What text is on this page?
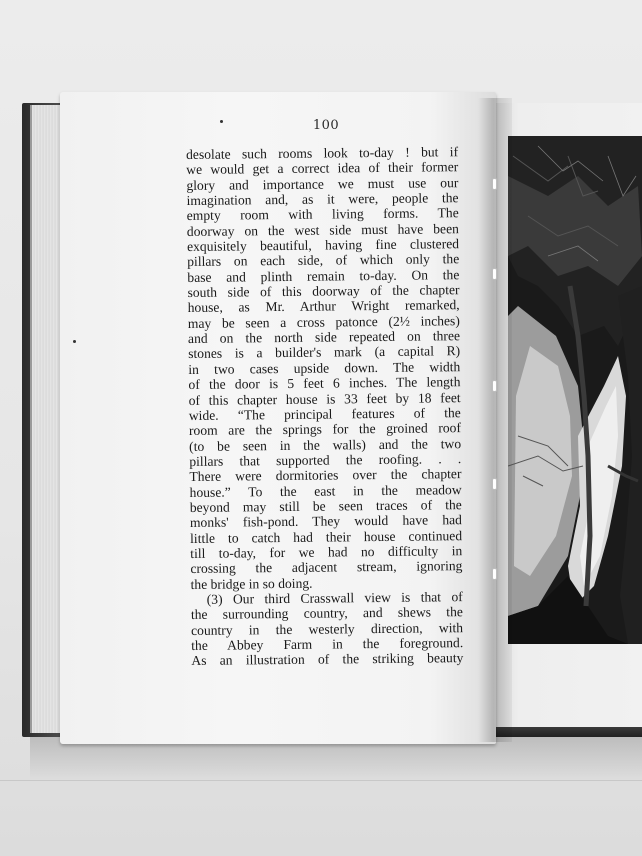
100
desolate such rooms look to-day ! but if
we would get a correct idea of their former
glory and importance we must use our
imagination and, as it were, people the
empty room with living forms. The
doorway on the west side must have been
exquisitely beautiful, having fine clustered
pillars on each side, of which only the
base and plinth remain to-day. On the
south side of this doorway of the chapter
house, as Mr. Arthur Wright remarked,
may be seen a cross patonce (2½ inches)
and on the north side repeated on three
stones is a builder's mark (a capital R)
in two cases upside down. The width
of the door is 5 feet 6 inches. The length
of this chapter house is 33 feet by 18 feet
wide. “The principal features of the
room are the springs for the groined roof
(to be seen in the walls) and the two
pillars that supported the roofing. . .
There were dormitories over the chapter
house.” To the east in the meadow
beyond may still be seen traces of the
monks' fish-pond. They would have had
little to catch had their house continued
till to-day, for we had no difficulty in
crossing the adjacent stream, ignoring
the bridge in so doing.
(3) Our third Crasswall view is that of
the surrounding country, and shews the
country in the westerly direction, with
the Abbey Farm in the foreground.
As an illustration of the striking beauty
